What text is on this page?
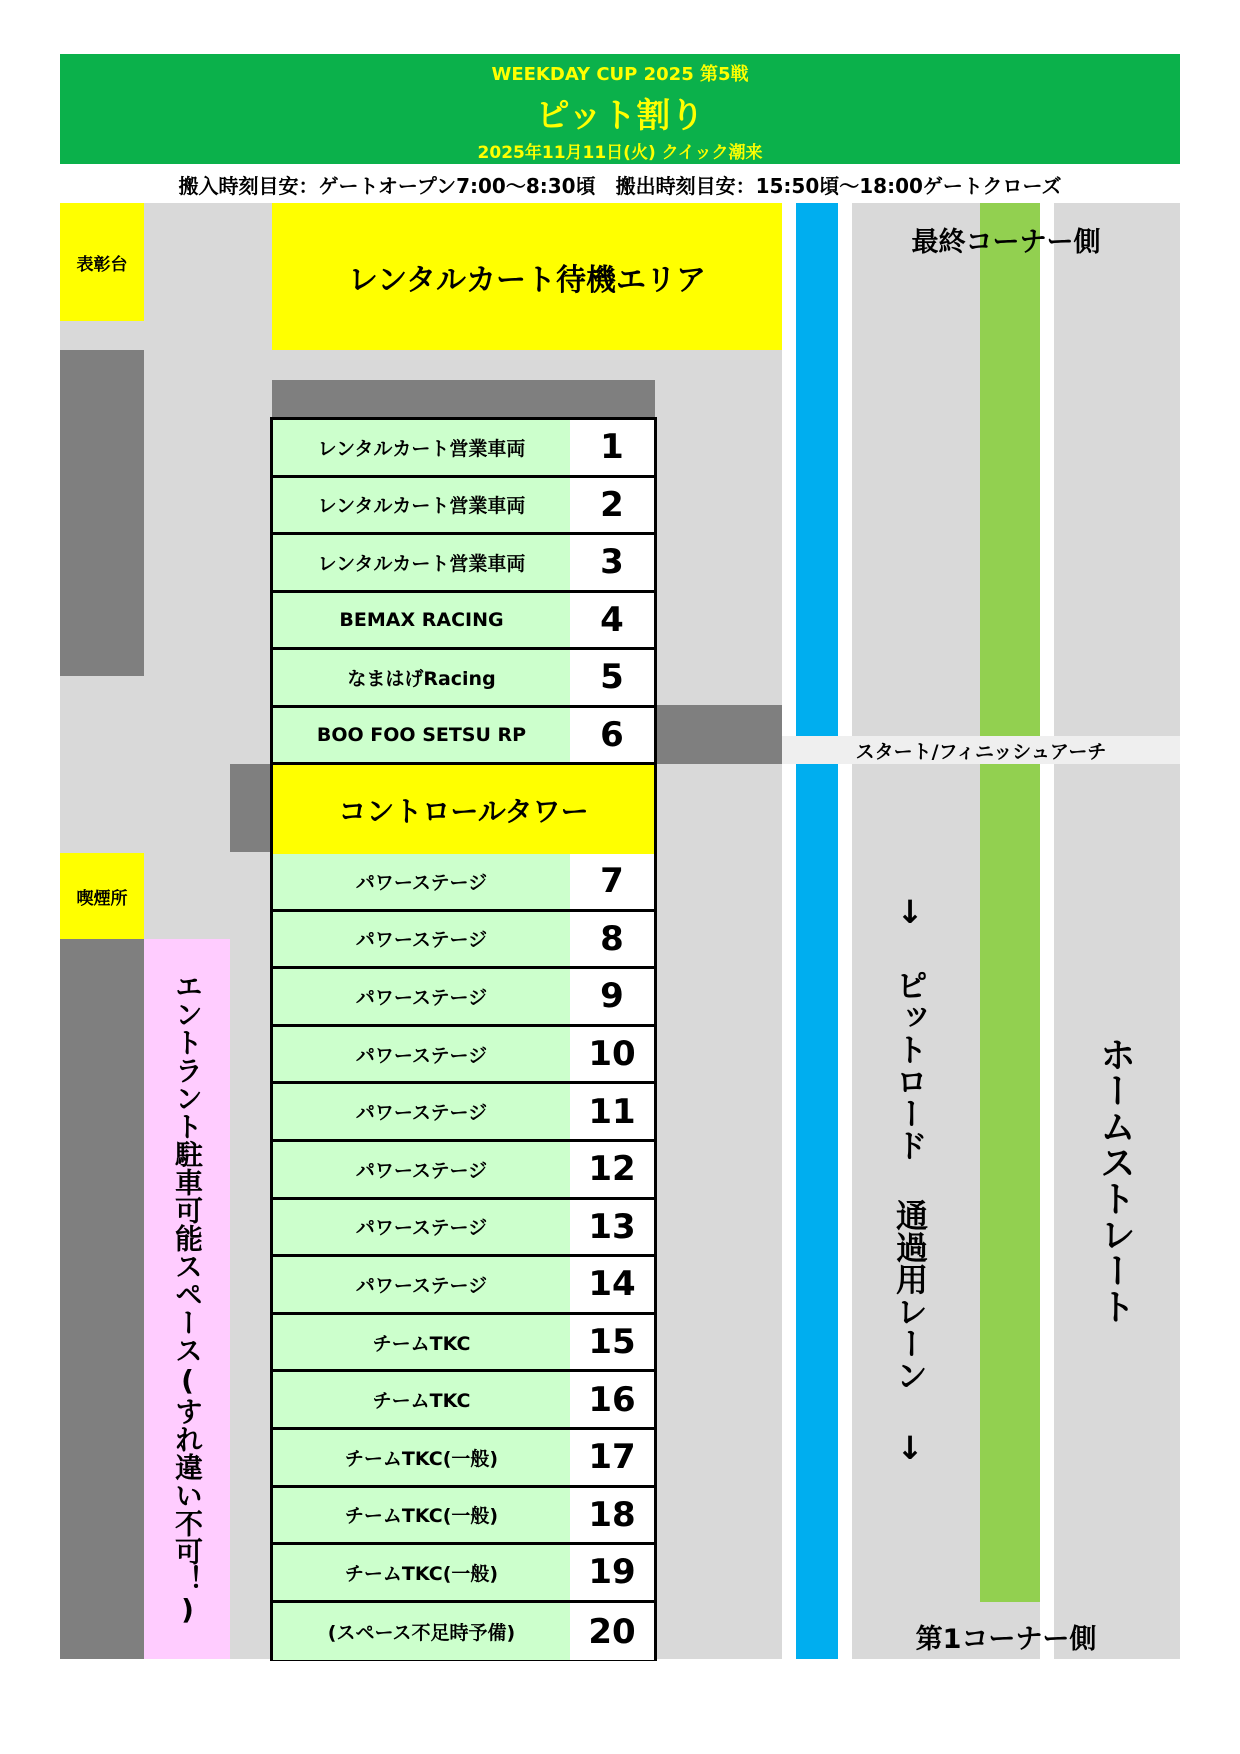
WEEKDAY CUP 2025 第5戦
ピット割り
2025年11月11日(火) クイック潮来
搬入時刻目安：ゲートオープン7:00〜8:30頃　搬出時刻目安：15:50頃〜18:00ゲートクローズ
表彰台	レンタルカート待機エリア
喫煙所
エントラント駐車可能スペース(すれ違い不可！)
レンタルカート営業車両	1
レンタルカート営業車両	2
レンタルカート営業車両	3
BEMAX RACING	4
なまはげRacing	5
BOO FOO SETSU RP	6
コントロールタワー
パワーステージ	7
パワーステージ	8
パワーステージ	9
パワーステージ	10
パワーステージ	11
パワーステージ	12
パワーステージ	13
パワーステージ	14
チームTKC	15
チームTKC	16
チームTKC(一般)	17
チームTKC(一般)	18
チームTKC(一般)	19
(スペース不足時予備)	20
スタート/フィニッシュアーチ
最終コーナー側
第1コーナー側
↓ ピットロード 通過用レーン ↓	ホームストレート
